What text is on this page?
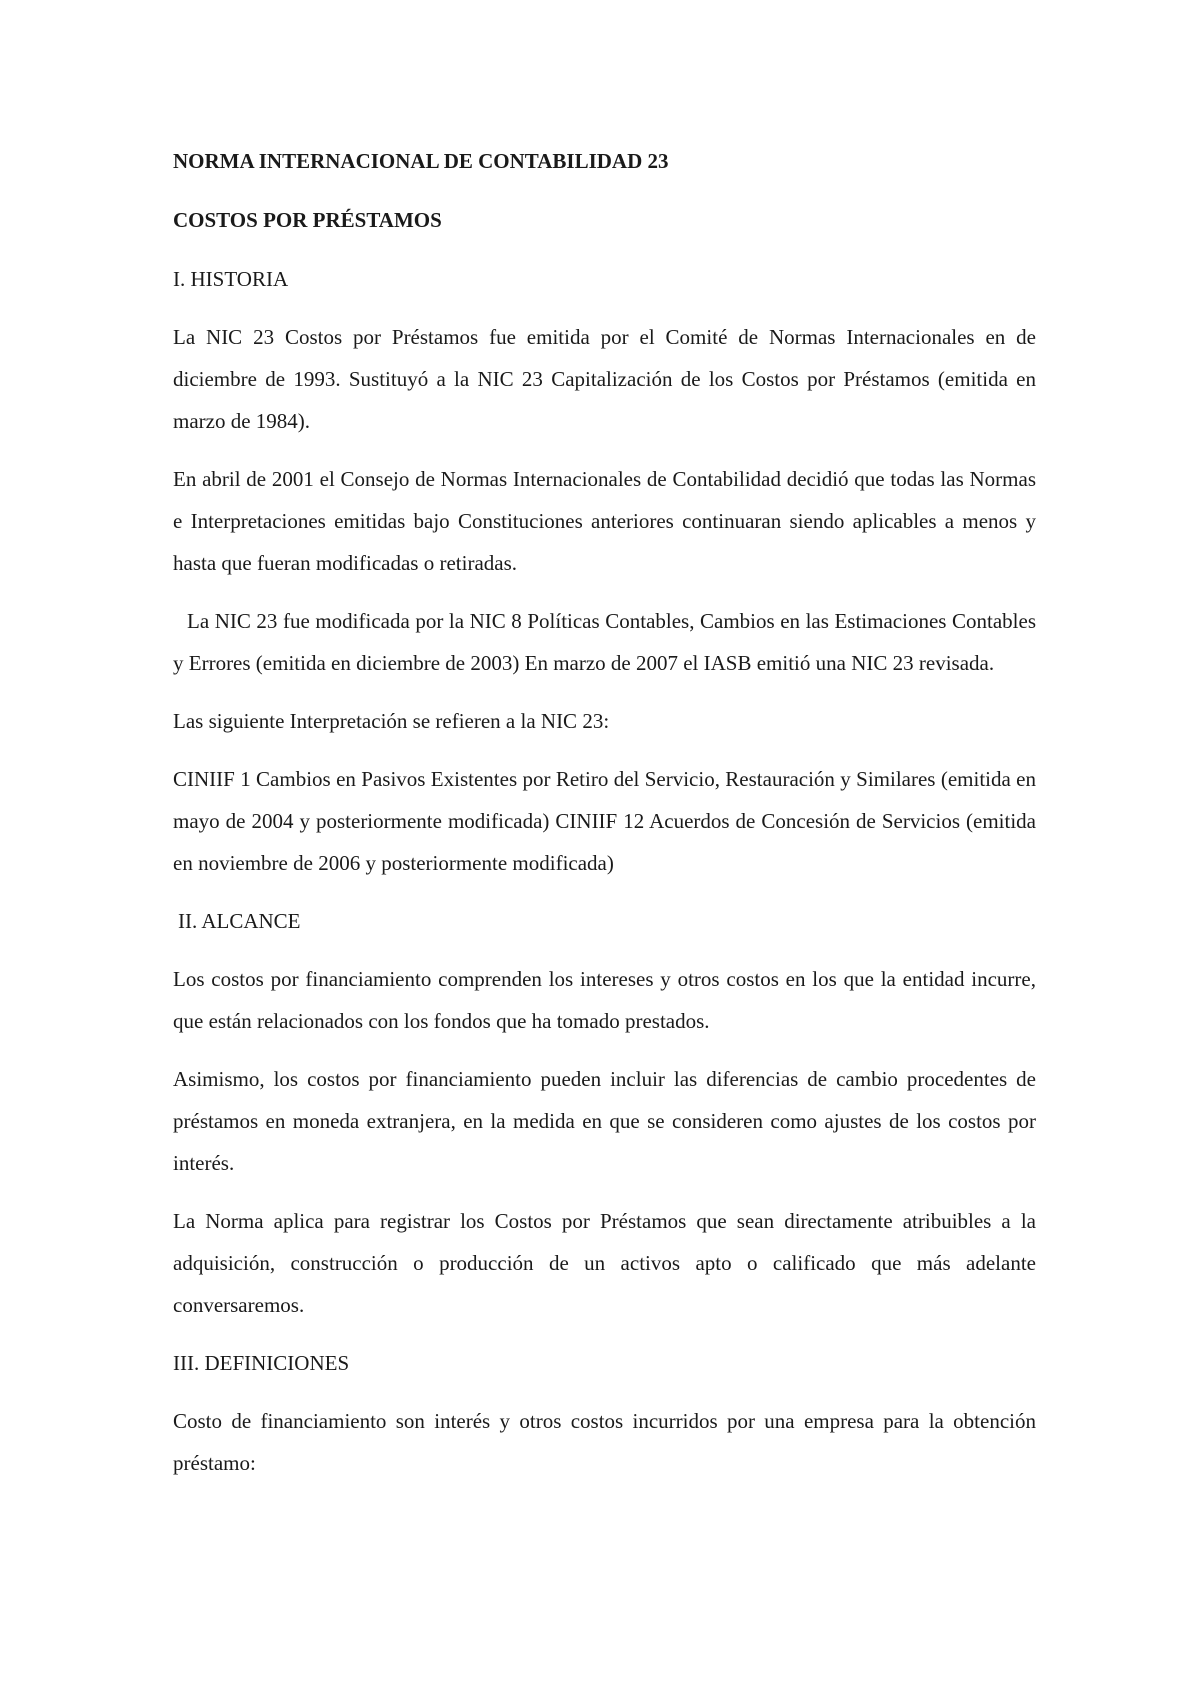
NORMA INTERNACIONAL DE CONTABILIDAD 23

COSTOS POR PRÉSTAMOS

I. HISTORIA

La NIC 23 Costos por Préstamos fue emitida por el Comité de Normas Internacionales en de diciembre de 1993. Sustituyó a la NIC 23 Capitalización de los Costos por Préstamos (emitida en marzo de 1984).

En abril de 2001 el Consejo de Normas Internacionales de Contabilidad decidió que todas las Normas e Interpretaciones emitidas bajo Constituciones anteriores continuaran siendo aplicables a menos y hasta que fueran modificadas o retiradas.

La NIC 23 fue modificada por la NIC 8 Políticas Contables, Cambios en las Estimaciones Contables y Errores (emitida en diciembre de 2003) En marzo de 2007 el IASB emitió una NIC 23 revisada.

Las siguiente Interpretación se refieren a la NIC 23:

CINIIF 1 Cambios en Pasivos Existentes por Retiro del Servicio, Restauración y Similares (emitida en mayo de 2004 y posteriormente modificada) CINIIF 12 Acuerdos de Concesión de Servicios (emitida en noviembre de 2006 y posteriormente modificada)

II. ALCANCE

Los costos por financiamiento comprenden los intereses y otros costos en los que la entidad incurre, que están relacionados con los fondos que ha tomado prestados.

Asimismo, los costos por financiamiento pueden incluir las diferencias de cambio procedentes de préstamos en moneda extranjera, en la medida en que se consideren como ajustes de los costos por interés.

La Norma aplica para registrar los Costos por Préstamos que sean directamente atribuibles a la adquisición, construcción o producción de un activos apto o calificado que más adelante conversaremos.

III. DEFINICIONES

Costo de financiamiento son interés y otros costos incurridos por una empresa para la obtención préstamo:
